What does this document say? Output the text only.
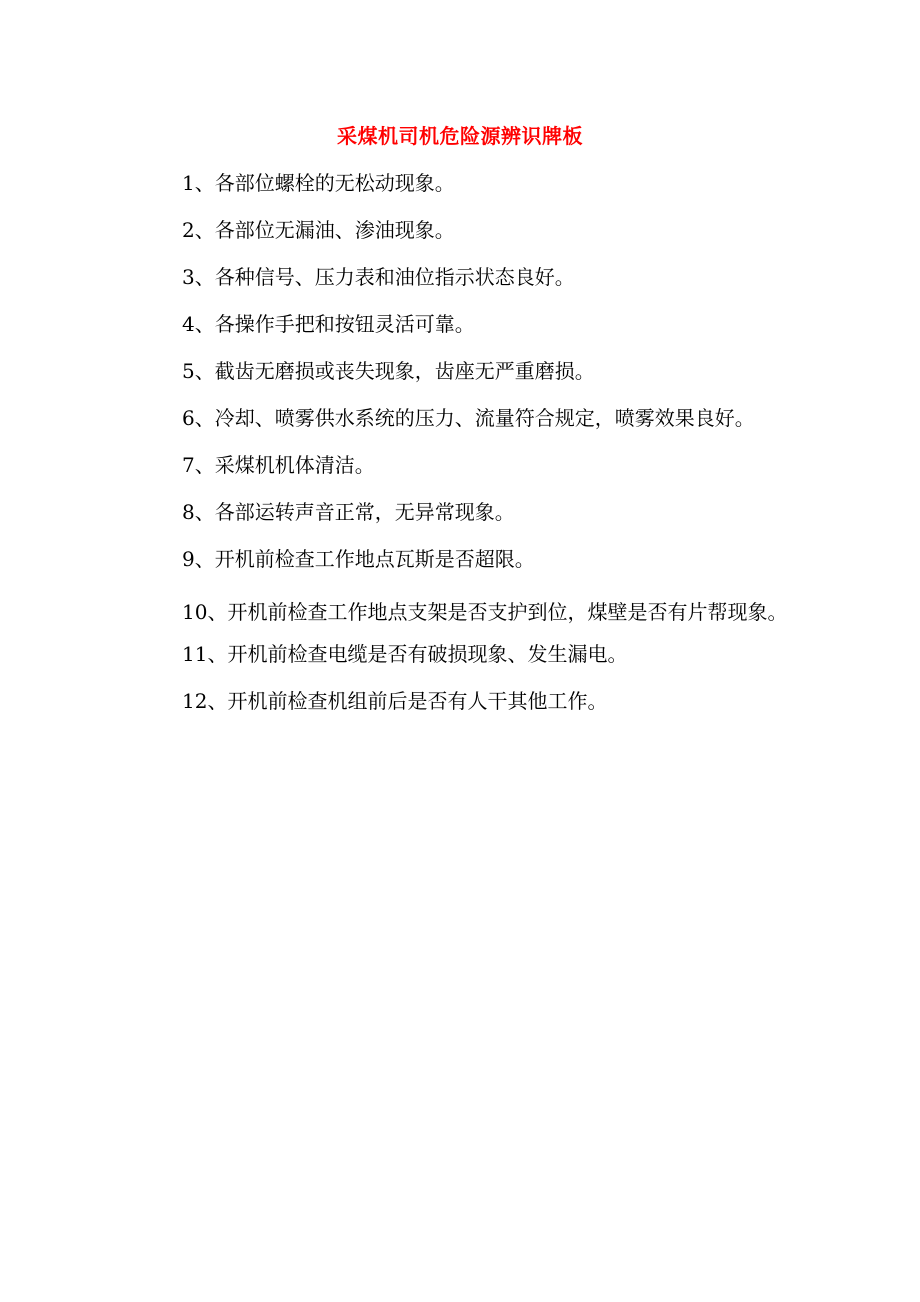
采煤机司机危险源辨识牌板
1、各部位螺栓的无松动现象。
2、各部位无漏油、渗油现象。
3、各种信号、压力表和油位指示状态良好。
4、各操作手把和按钮灵活可靠。
5、截齿无磨损或丧失现象，齿座无严重磨损。
6、冷却、喷雾供水系统的压力、流量符合规定，喷雾效果良好。
7、采煤机机体清洁。
8、各部运转声音正常，无异常现象。
9、开机前检查工作地点瓦斯是否超限。
10、开机前检查工作地点支架是否支护到位，煤壁是否有片帮现象。
11、开机前检查电缆是否有破损现象、发生漏电。
12、开机前检查机组前后是否有人干其他工作。
